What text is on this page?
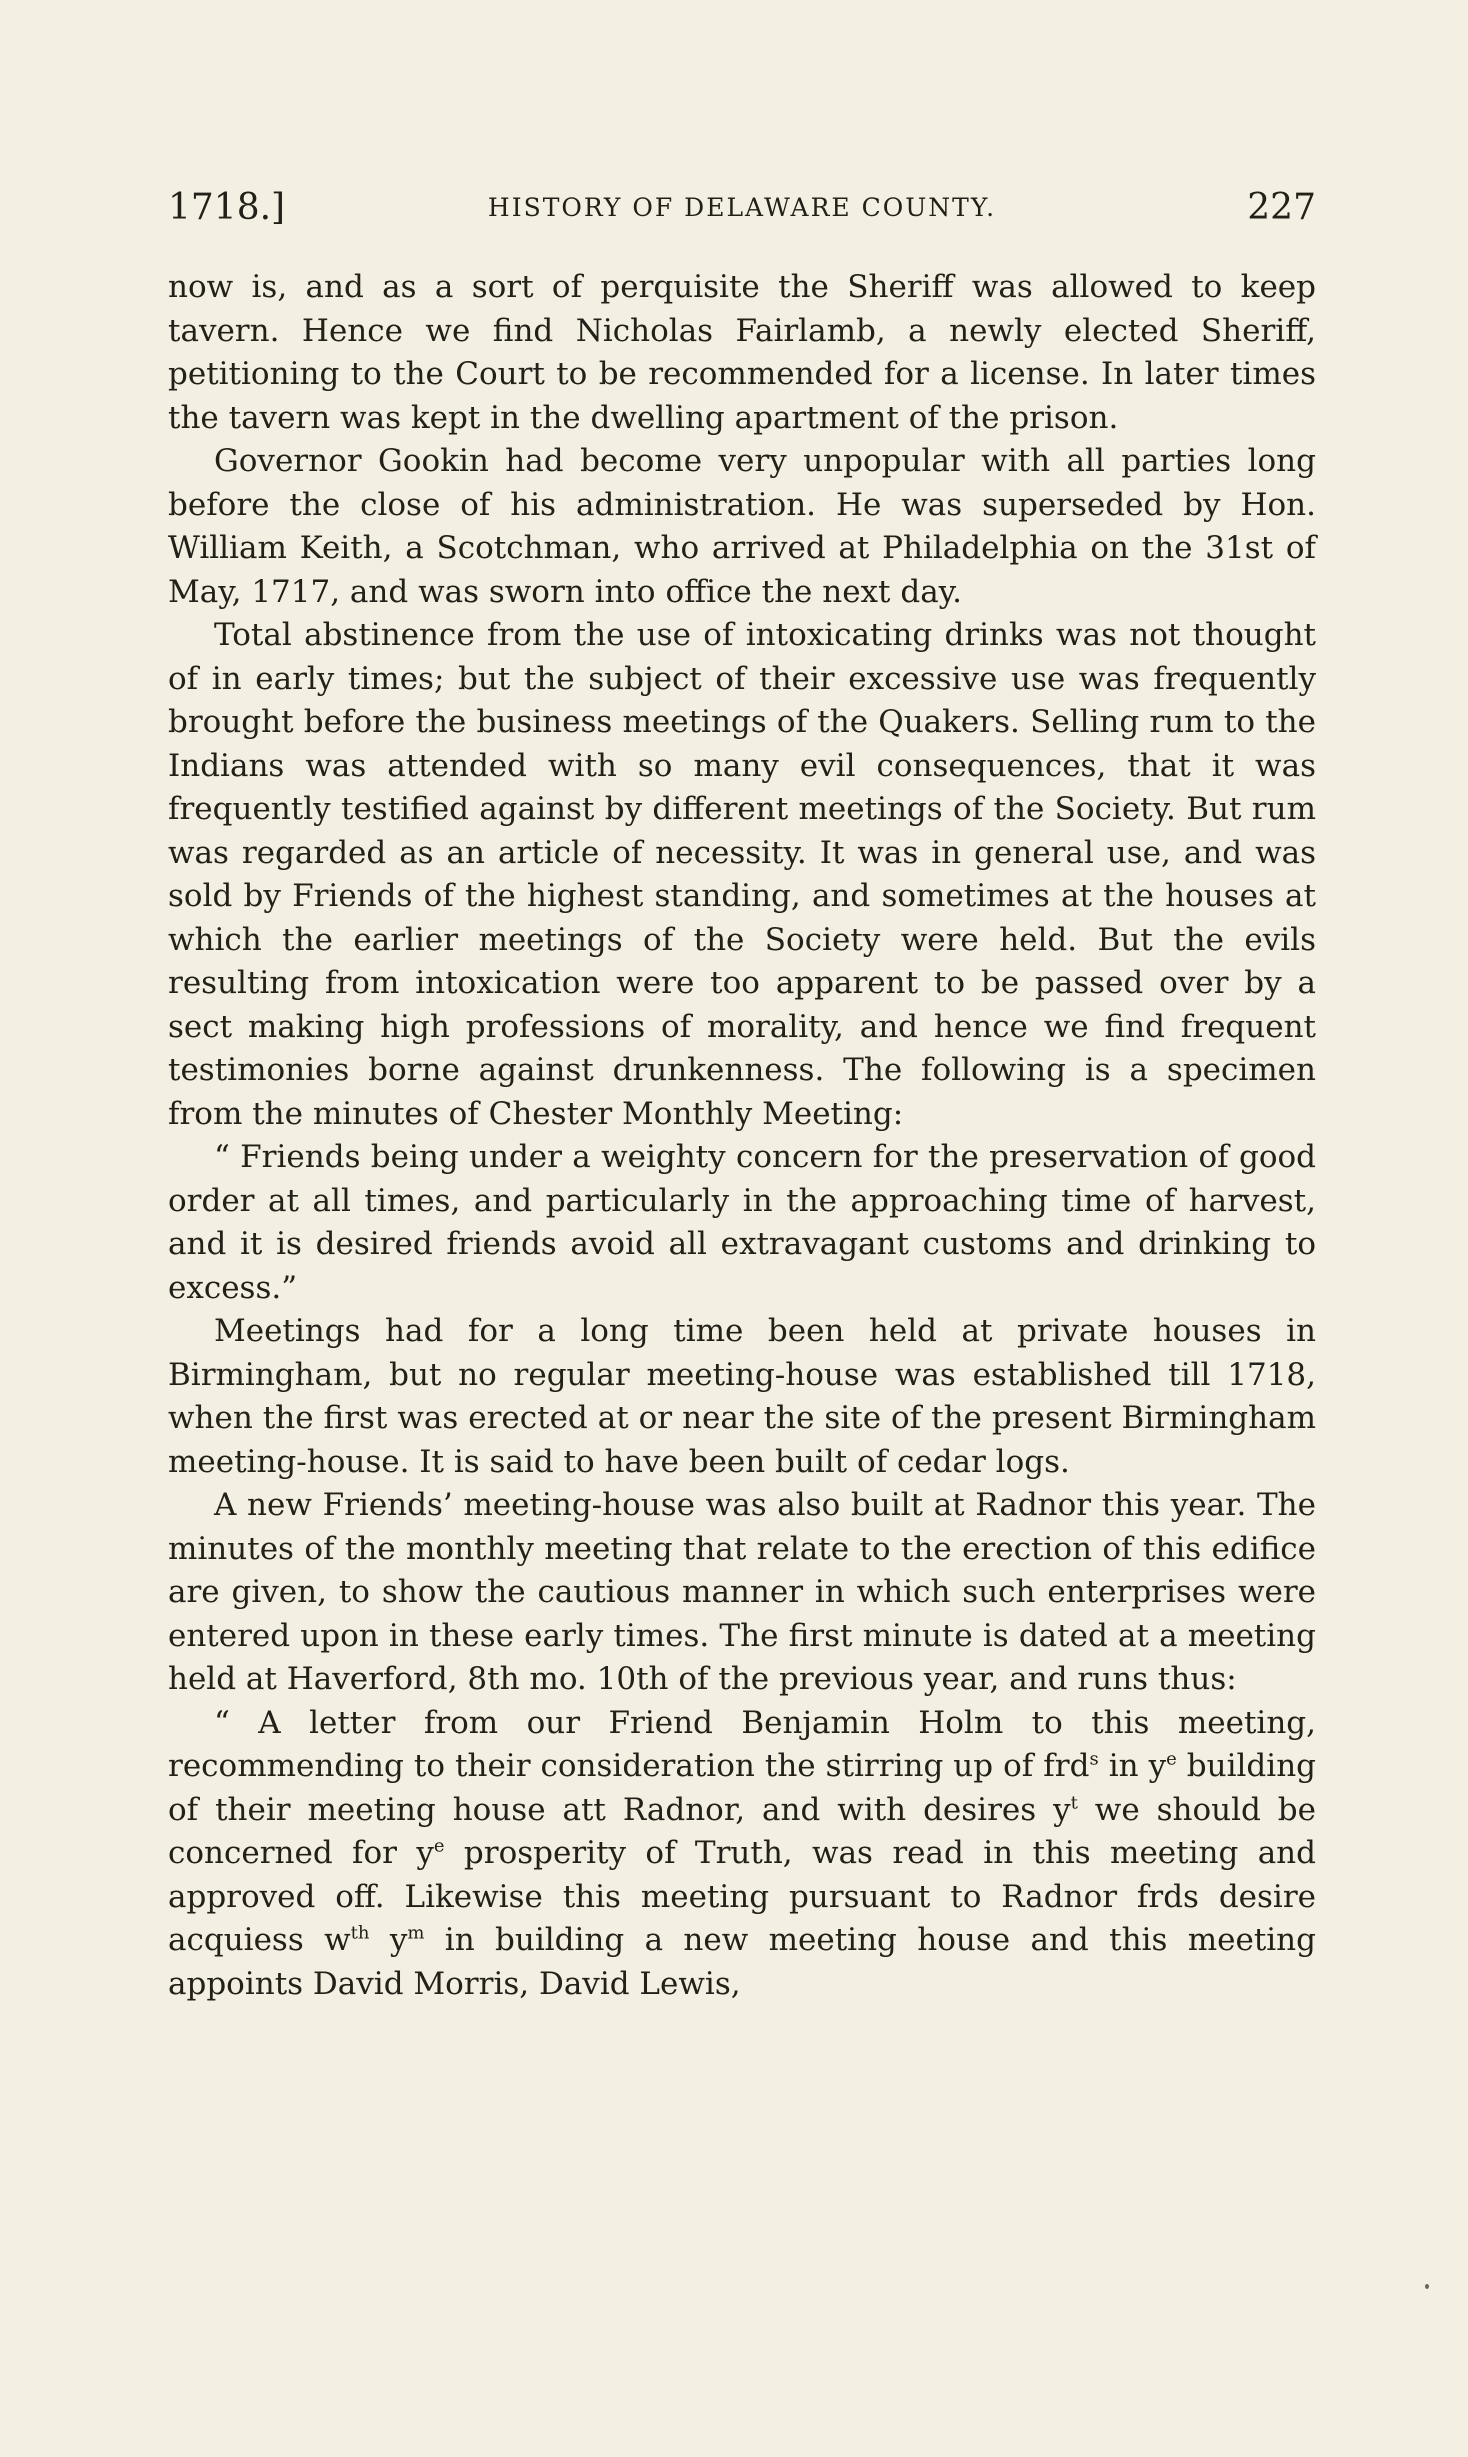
1718.]	HISTORY OF DELAWARE COUNTY.	227

now is, and as a sort of perquisite the Sheriff was allowed to keep tavern. Hence we find Nicholas Fairlamb, a newly elected Sheriff, petitioning to the Court to be recommended for a license. In later times the tavern was kept in the dwelling apartment of the prison.

Governor Gookin had become very unpopular with all parties long before the close of his administration. He was superseded by Hon. William Keith, a Scotchman, who arrived at Philadelphia on the 31st of May, 1717, and was sworn into office the next day.

Total abstinence from the use of intoxicating drinks was not thought of in early times; but the subject of their excessive use was frequently brought before the business meetings of the Quakers. Selling rum to the Indians was attended with so many evil consequences, that it was frequently testified against by different meetings of the Society. But rum was regarded as an article of necessity. It was in general use, and was sold by Friends of the highest standing, and sometimes at the houses at which the earlier meetings of the Society were held. But the evils resulting from intoxication were too apparent to be passed over by a sect making high professions of morality, and hence we find frequent testimonies borne against drunkenness. The following is a specimen from the minutes of Chester Monthly Meeting:

“ Friends being under a weighty concern for the preservation of good order at all times, and particularly in the approaching time of harvest, and it is desired friends avoid all extravagant customs and drinking to excess.”

Meetings had for a long time been held at private houses in Birmingham, but no regular meeting-house was established till 1718, when the first was erected at or near the site of the present Birmingham meeting-house. It is said to have been built of cedar logs.

A new Friends’ meeting-house was also built at Radnor this year. The minutes of the monthly meeting that relate to the erection of this edifice are given, to show the cautious manner in which such enterprises were entered upon in these early times. The first minute is dated at a meeting held at Haverford, 8th mo. 10th of the previous year, and runs thus:

“ A letter from our Friend Benjamin Holm to this meeting, recommending to their consideration the stirring up of frd$^s$ in $y^e$ building of their meeting house att Radnor, and with desires $y^t$ we should be concerned for $y^e$ prosperity of Truth, was read in this meeting and approved off. Likewise this meeting pursuant to Radnor frds desire acquiess $w^{th}$ $y^m$ in building a new meeting house and this meeting appoints David Morris, David Lewis,
